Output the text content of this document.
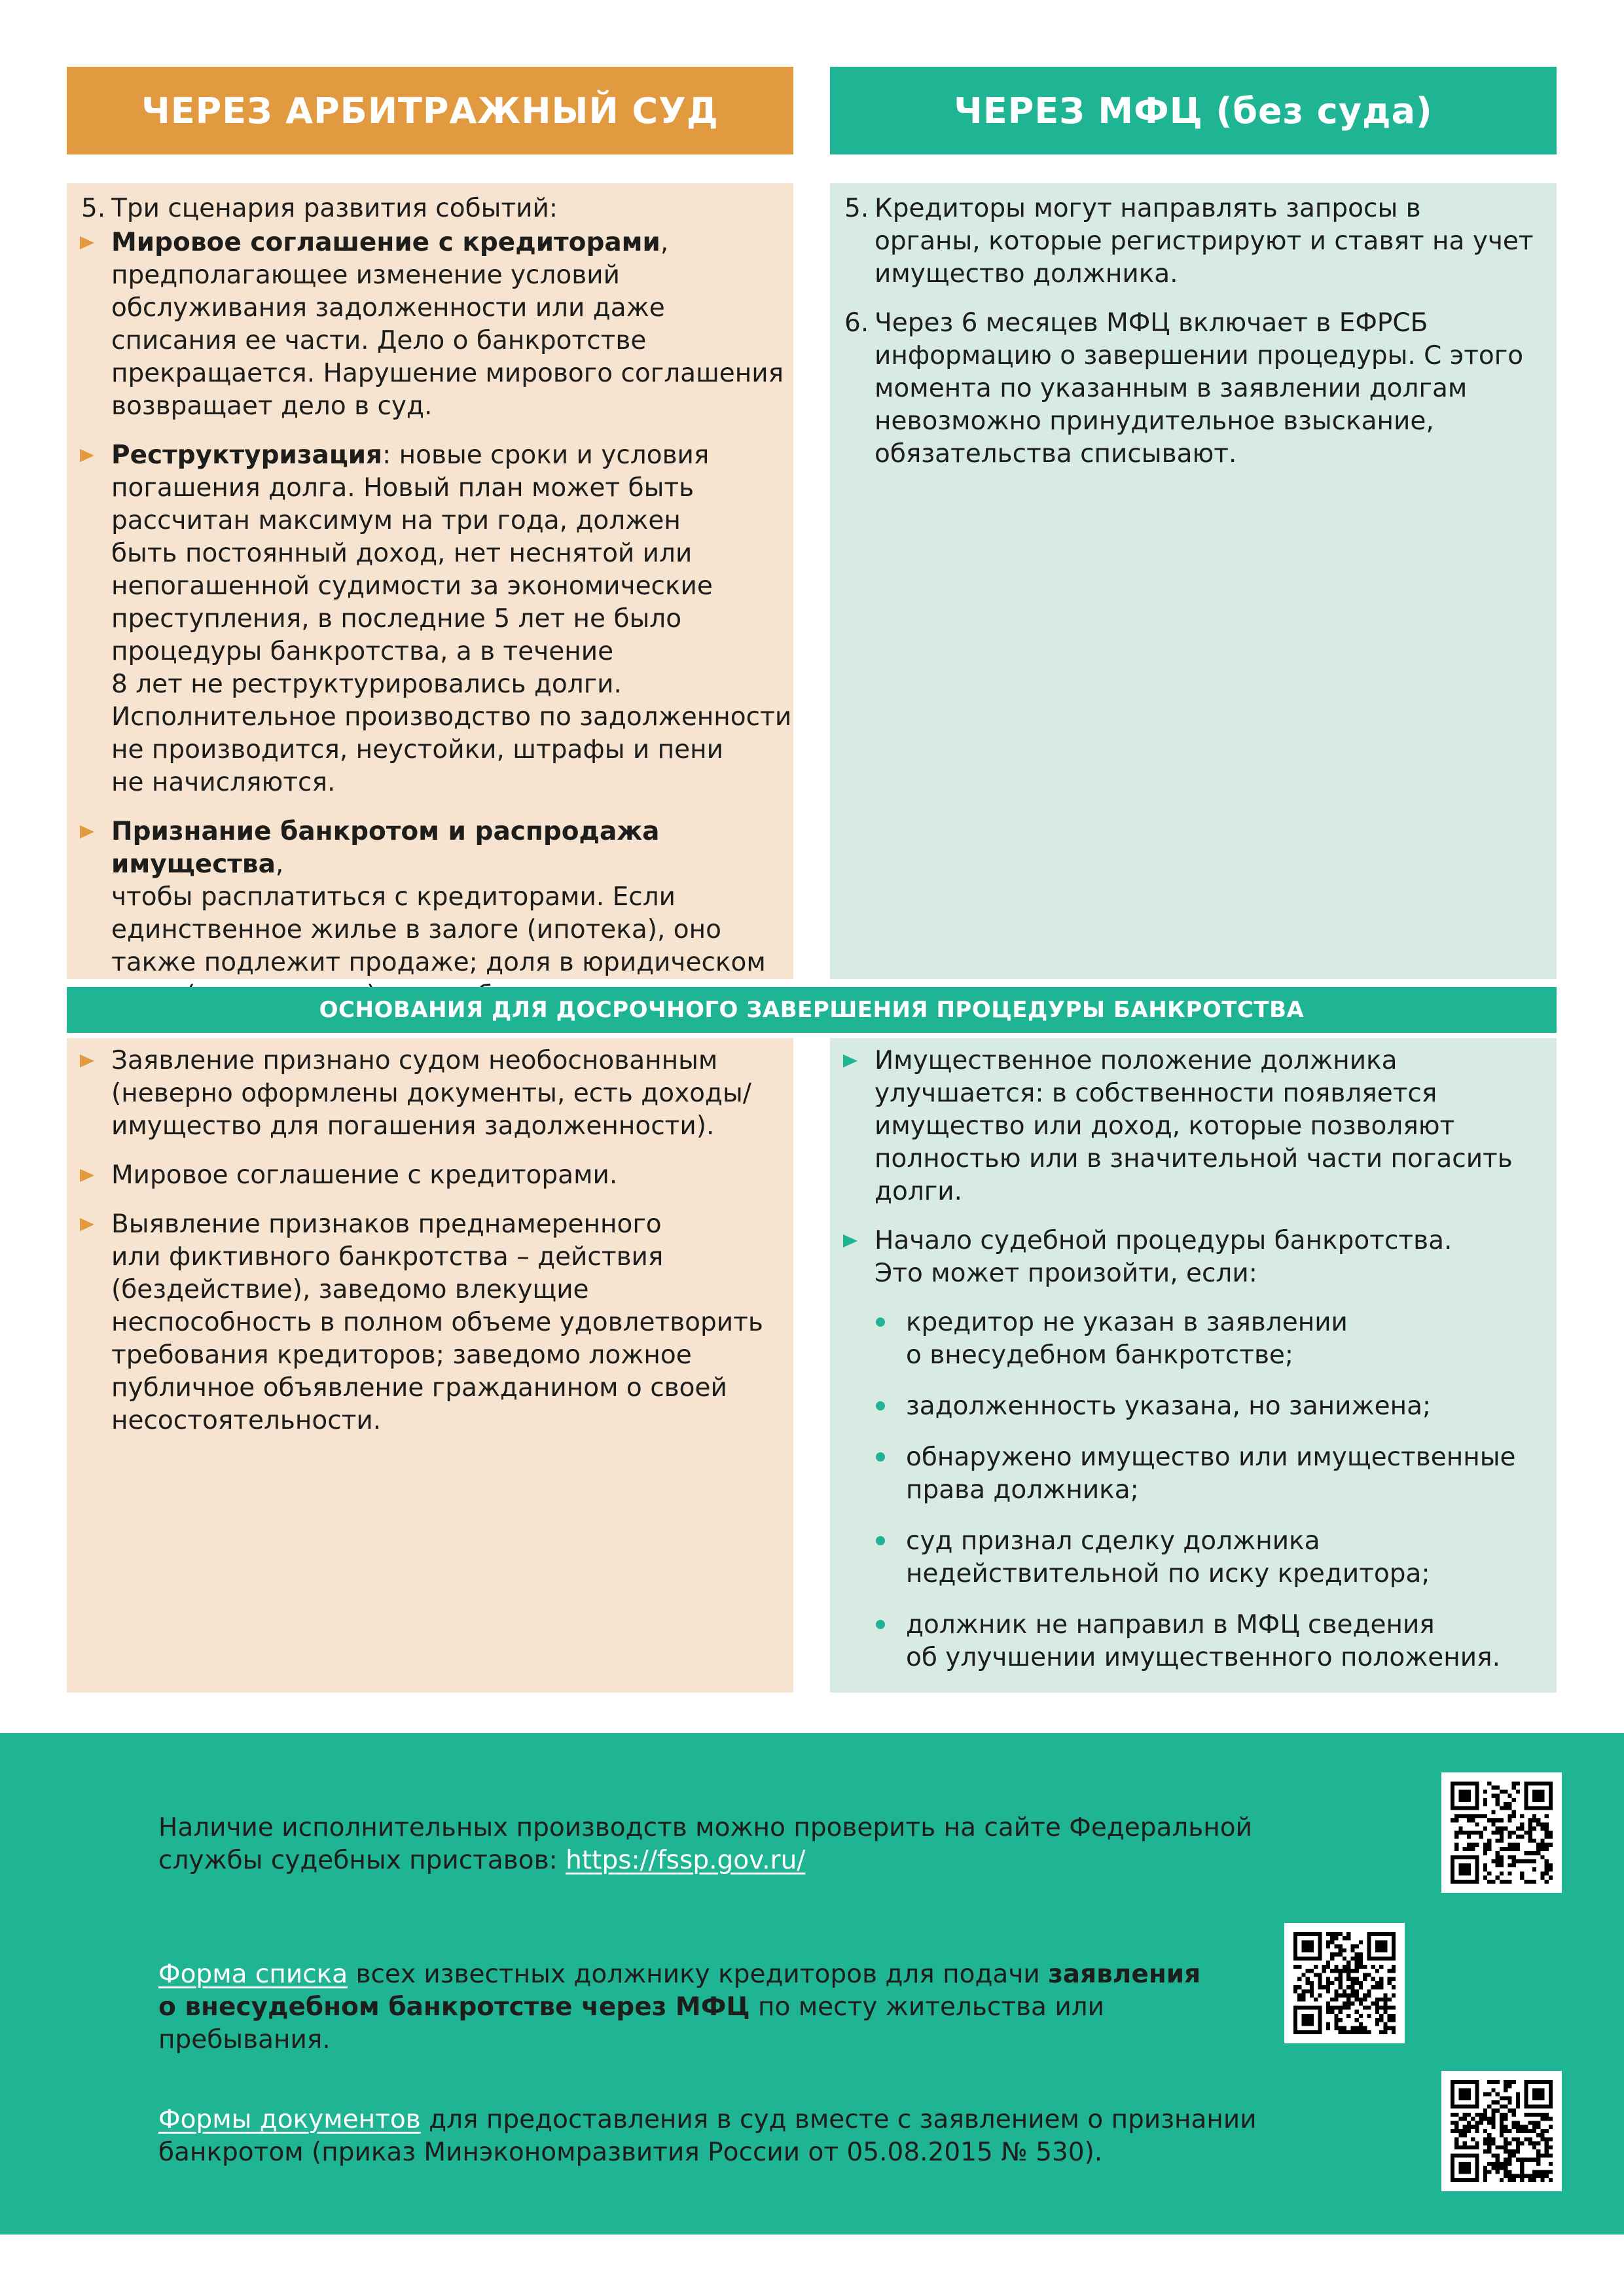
ЧЕРЕЗ АРБИТРАЖНЫЙ СУД	ЧЕРЕЗ МФЦ (без суда)
5. Три сценария развития событий:
Мировое соглашение с кредиторами,
предполагающее изменение условий
обслуживания задолженности или даже
списания ее части. Дело о банкротстве
прекращается. Нарушение мирового соглашения
возвращает дело в суд.
Реструктуризация: новые сроки и условия
погашения долга. Новый план может быть
рассчитан максимум на три года, должен
быть постоянный доход, нет неснятой или
непогашенной судимости за экономические
преступления, в последние 5 лет не было
процедуры банкротства, а в течение
8 лет не реструктурировались долги.
Исполнительное производство по задолженности
не производится, неустойки, штрафы и пени
не начисляются.
Признание банкротом и распродажа имущества,
чтобы расплатиться с кредиторами. Если
единственное жилье в залоге (ипотека), оно
также подлежит продаже; доля в юридическом

5. Кредиторы могут направлять запросы в
органы, которые регистрируют и ставят на учет
имущество должника.
6. Через 6 месяцев МФЦ включает в ЕФРСБ
информацию о завершении процедуры. С этого
момента по указанным в заявлении долгам
невозможно принудительное взыскание,
обязательства списывают.
ОСНОВАНИЯ ДЛЯ ДОСРОЧНОГО ЗАВЕРШЕНИЯ ПРОЦЕДУРЫ БАНКРОТСТВА
Заявление признано судом необоснованным
(неверно оформлены документы, есть доходы/
имущество для погашения задолженности).
Мировое соглашение с кредиторами.
Выявление признаков преднамеренного
или фиктивного банкротства – действия
(бездействие), заведомо влекущие
неспособность в полном объеме удовлетворить
требования кредиторов; заведомо ложное
публичное объявление гражданином о своей
несостоятельности.
Имущественное положение должника
улучшается: в собственности появляется
имущество или доход, которые позволяют
полностью или в значительной части погасить
долги.
Начало судебной процедуры банкротства.
Это может произойти, если:
кредитор не указан в заявлении
о внесудебном банкротстве;
задолженность указана, но занижена;
обнаружено имущество или имущественные
права должника;
суд признал сделку должника
недействительной по иску кредитора;
должник не направил в МФЦ сведения
об улучшении имущественного положения.
Наличие исполнительных производств можно проверить на сайте Федеральной
службы судебных приставов: https://fssp.gov.ru/
Форма списка всех известных должнику кредиторов для подачи заявления
о внесудебном банкротстве через МФЦ по месту жительства или пребывания.
Формы документов для предоставления в суд вместе с заявлением о признании
банкротом (приказ Минэкономразвития России от 05.08.2015 № 530).
